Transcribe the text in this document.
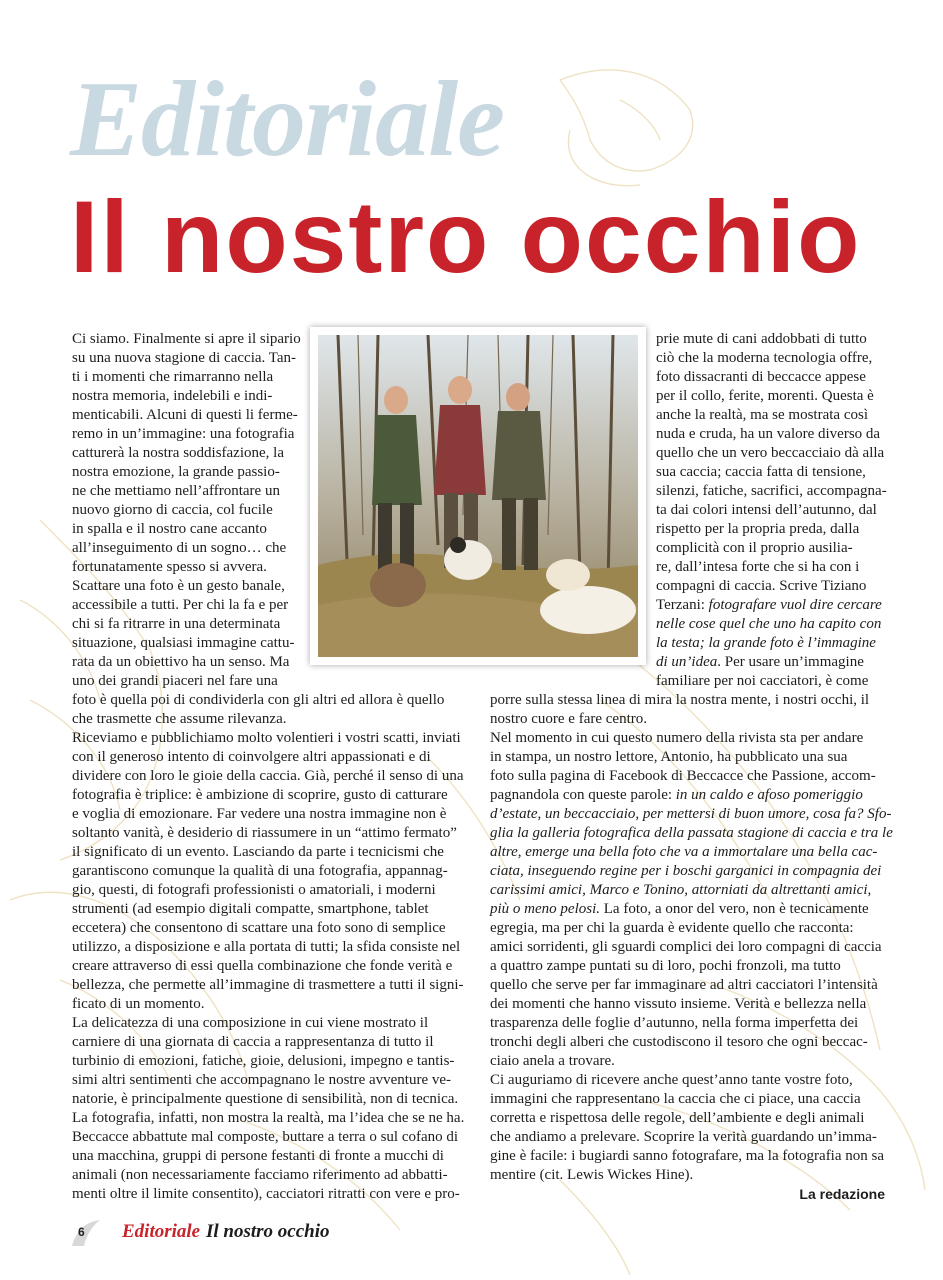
Editoriale
Il nostro occhio

Ci siamo. Finalmente si apre il sipario

su una nuova stagione di caccia. Tan-

ti i momenti che rimarranno nella

nostra memoria, indelebili e indi-

menticabili. Alcuni di questi li ferme-

remo in un’immagine: una fotografia

catturerà la nostra soddisfazione, la

nostra emozione, la grande passio-

ne che mettiamo nell’affrontare un

nuovo giorno di caccia, col fucile

in spalla e il nostro cane accanto

all’inseguimento di un sogno… che

fortunatamente spesso si avvera.

Scattare una foto è un gesto banale,

accessibile a tutti. Per chi la fa e per

chi si fa ritrarre in una determinata

situazione, qualsiasi immagine cattu-

rata da un obiettivo ha un senso. Ma

uno dei grandi piaceri nel fare una

foto è quella poi di condividerla con gli altri ed allora è quello

che trasmette che assume rilevanza.

Riceviamo e pubblichiamo molto volentieri i vostri scatti, inviati

con il generoso intento di coinvolgere altri appassionati e di

dividere con loro le gioie della caccia. Già, perché il senso di una

fotografia è triplice: è ambizione di scoprire, gusto di catturare

e voglia di emozionare. Far vedere una nostra immagine non è

soltanto vanità, è desiderio di riassumere in un “attimo fermato”

il significato di un evento. Lasciando da parte i tecnicismi che

garantiscono comunque la qualità di una fotografia, appannag-

gio, questi, di fotografi professionisti o amatoriali, i moderni

strumenti (ad esempio digitali compatte, smartphone, tablet

eccetera) che consentono di scattare una foto sono di semplice

utilizzo, a disposizione e alla portata di tutti; la sfida consiste nel

creare attraverso di essi quella combinazione che fonde verità e

bellezza, che permette all’immagine di trasmettere a tutti il signi-

ficato di un momento.

La delicatezza di una composizione in cui viene mostrato il

carniere di una giornata di caccia a rappresentanza di tutto il

turbinio di emozioni, fatiche, gioie, delusioni, impegno e tantis-

simi altri sentimenti che accompagnano le nostre avventure ve-

natorie, è principalmente questione di sensibilità, non di tecnica.

La fotografia, infatti, non mostra la realtà, ma l’idea che se ne ha.

Beccacce abbattute mal composte, buttare a terra o sul cofano di

una macchina, gruppi di persone festanti di fronte a mucchi di

animali (non necessariamente facciamo riferimento ad abbatti-

menti oltre il limite consentito), cacciatori ritratti con vere e pro-

prie mute di cani addobbati di tutto

ciò che la moderna tecnologia offre,

foto dissacranti di beccacce appese

per il collo, ferite, morenti. Questa è

anche la realtà, ma se mostrata così

nuda e cruda, ha un valore diverso da

quello che un vero beccacciaio dà alla

sua caccia; caccia fatta di tensione,

silenzi, fatiche, sacrifici, accompagna-

ta dai colori intensi dell’autunno, dal

rispetto per la propria preda, dalla

complicità con il proprio ausilia-

re, dall’intesa forte che si ha con i

compagni di caccia. Scrive Tiziano

Terzani: fotografare vuol dire cercare

nelle cose quel che uno ha capito con

la testa; la grande foto è l’immagine

di un’idea. Per usare un’immagine

familiare per noi cacciatori, è come

porre sulla stessa linea di mira la nostra mente, i nostri occhi, il

nostro cuore e fare centro.

Nel momento in cui questo numero della rivista sta per andare

in stampa, un nostro lettore, Antonio, ha pubblicato una sua

foto sulla pagina di Facebook di Beccacce che Passione, accom-

pagnandola con queste parole: in un caldo e afoso pomeriggio

d’estate, un beccacciaio, per mettersi di buon umore, cosa fa? Sfo-

glia la galleria fotografica della passata stagione di caccia e tra le

altre, emerge una bella foto che va a immortalare una bella cac-

ciata, inseguendo regine per i boschi garganici in compagnia dei

carissimi amici, Marco e Tonino, attorniati da altrettanti amici,

più o meno pelosi. La foto, a onor del vero, non è tecnicamente

egregia, ma per chi la guarda è evidente quello che racconta:

amici sorridenti, gli sguardi complici dei loro compagni di caccia

a quattro zampe puntati su di loro, pochi fronzoli, ma tutto

quello che serve per far immaginare ad altri cacciatori l’intensità

dei momenti che hanno vissuto insieme. Verità e bellezza nella

trasparenza delle foglie d’autunno, nella forma imperfetta dei

tronchi degli alberi che custodiscono il tesoro che ogni beccac-

ciaio anela a trovare.

Ci auguriamo di ricevere anche quest’anno tante vostre foto,

immagini che rappresentano la caccia che ci piace, una caccia

corretta e rispettosa delle regole, dell’ambiente e degli animali

che andiamo a prelevare. Scoprire la verità guardando un’imma-

gine è facile: i bugiardi sanno fotografare, ma la fotografia non sa

mentire (cit. Lewis Wickes Hine).

La redazione
6 Editoriale Il nostro occhio
